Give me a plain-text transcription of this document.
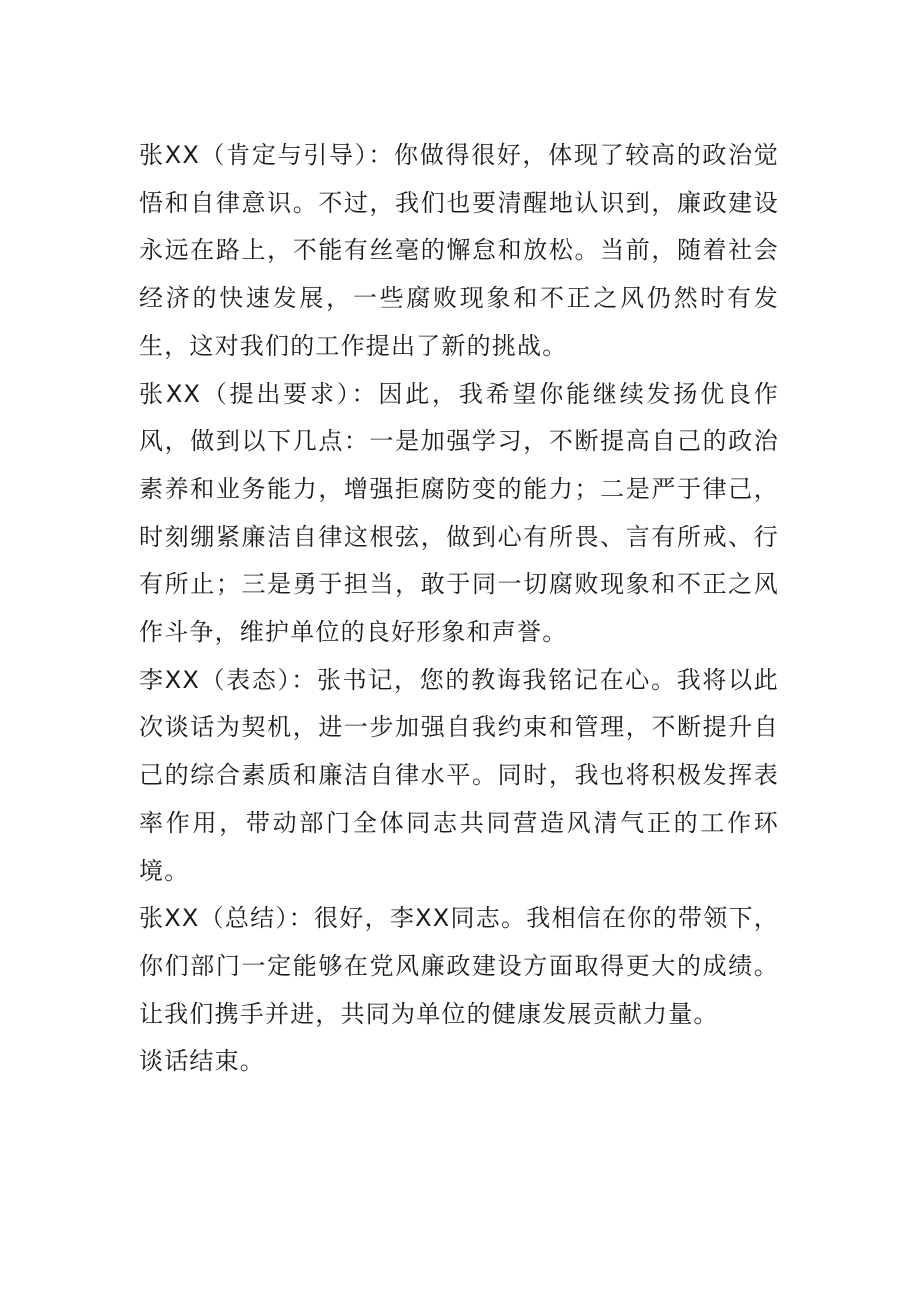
张XX（肯定与引导）：你做得很好，体现了较高的政治觉悟和自律意识。不过，我们也要清醒地认识到，廉政建设永远在路上，不能有丝毫的懈怠和放松。当前，随着社会经济的快速发展，一些腐败现象和不正之风仍然时有发生，这对我们的工作提出了新的挑战。

张XX（提出要求）：因此，我希望你能继续发扬优良作风，做到以下几点：一是加强学习，不断提高自己的政治素养和业务能力，增强拒腐防变的能力；二是严于律己，时刻绷紧廉洁自律这根弦，做到心有所畏、言有所戒、行有所止；三是勇于担当，敢于同一切腐败现象和不正之风作斗争，维护单位的良好形象和声誉。

李XX（表态）：张书记，您的教诲我铭记在心。我将以此次谈话为契机，进一步加强自我约束和管理，不断提升自己的综合素质和廉洁自律水平。同时，我也将积极发挥表率作用，带动部门全体同志共同营造风清气正的工作环境。

张XX（总结）：很好，李XX同志。我相信在你的带领下，你们部门一定能够在党风廉政建设方面取得更大的成绩。让我们携手并进，共同为单位的健康发展贡献力量。

谈话结束。
